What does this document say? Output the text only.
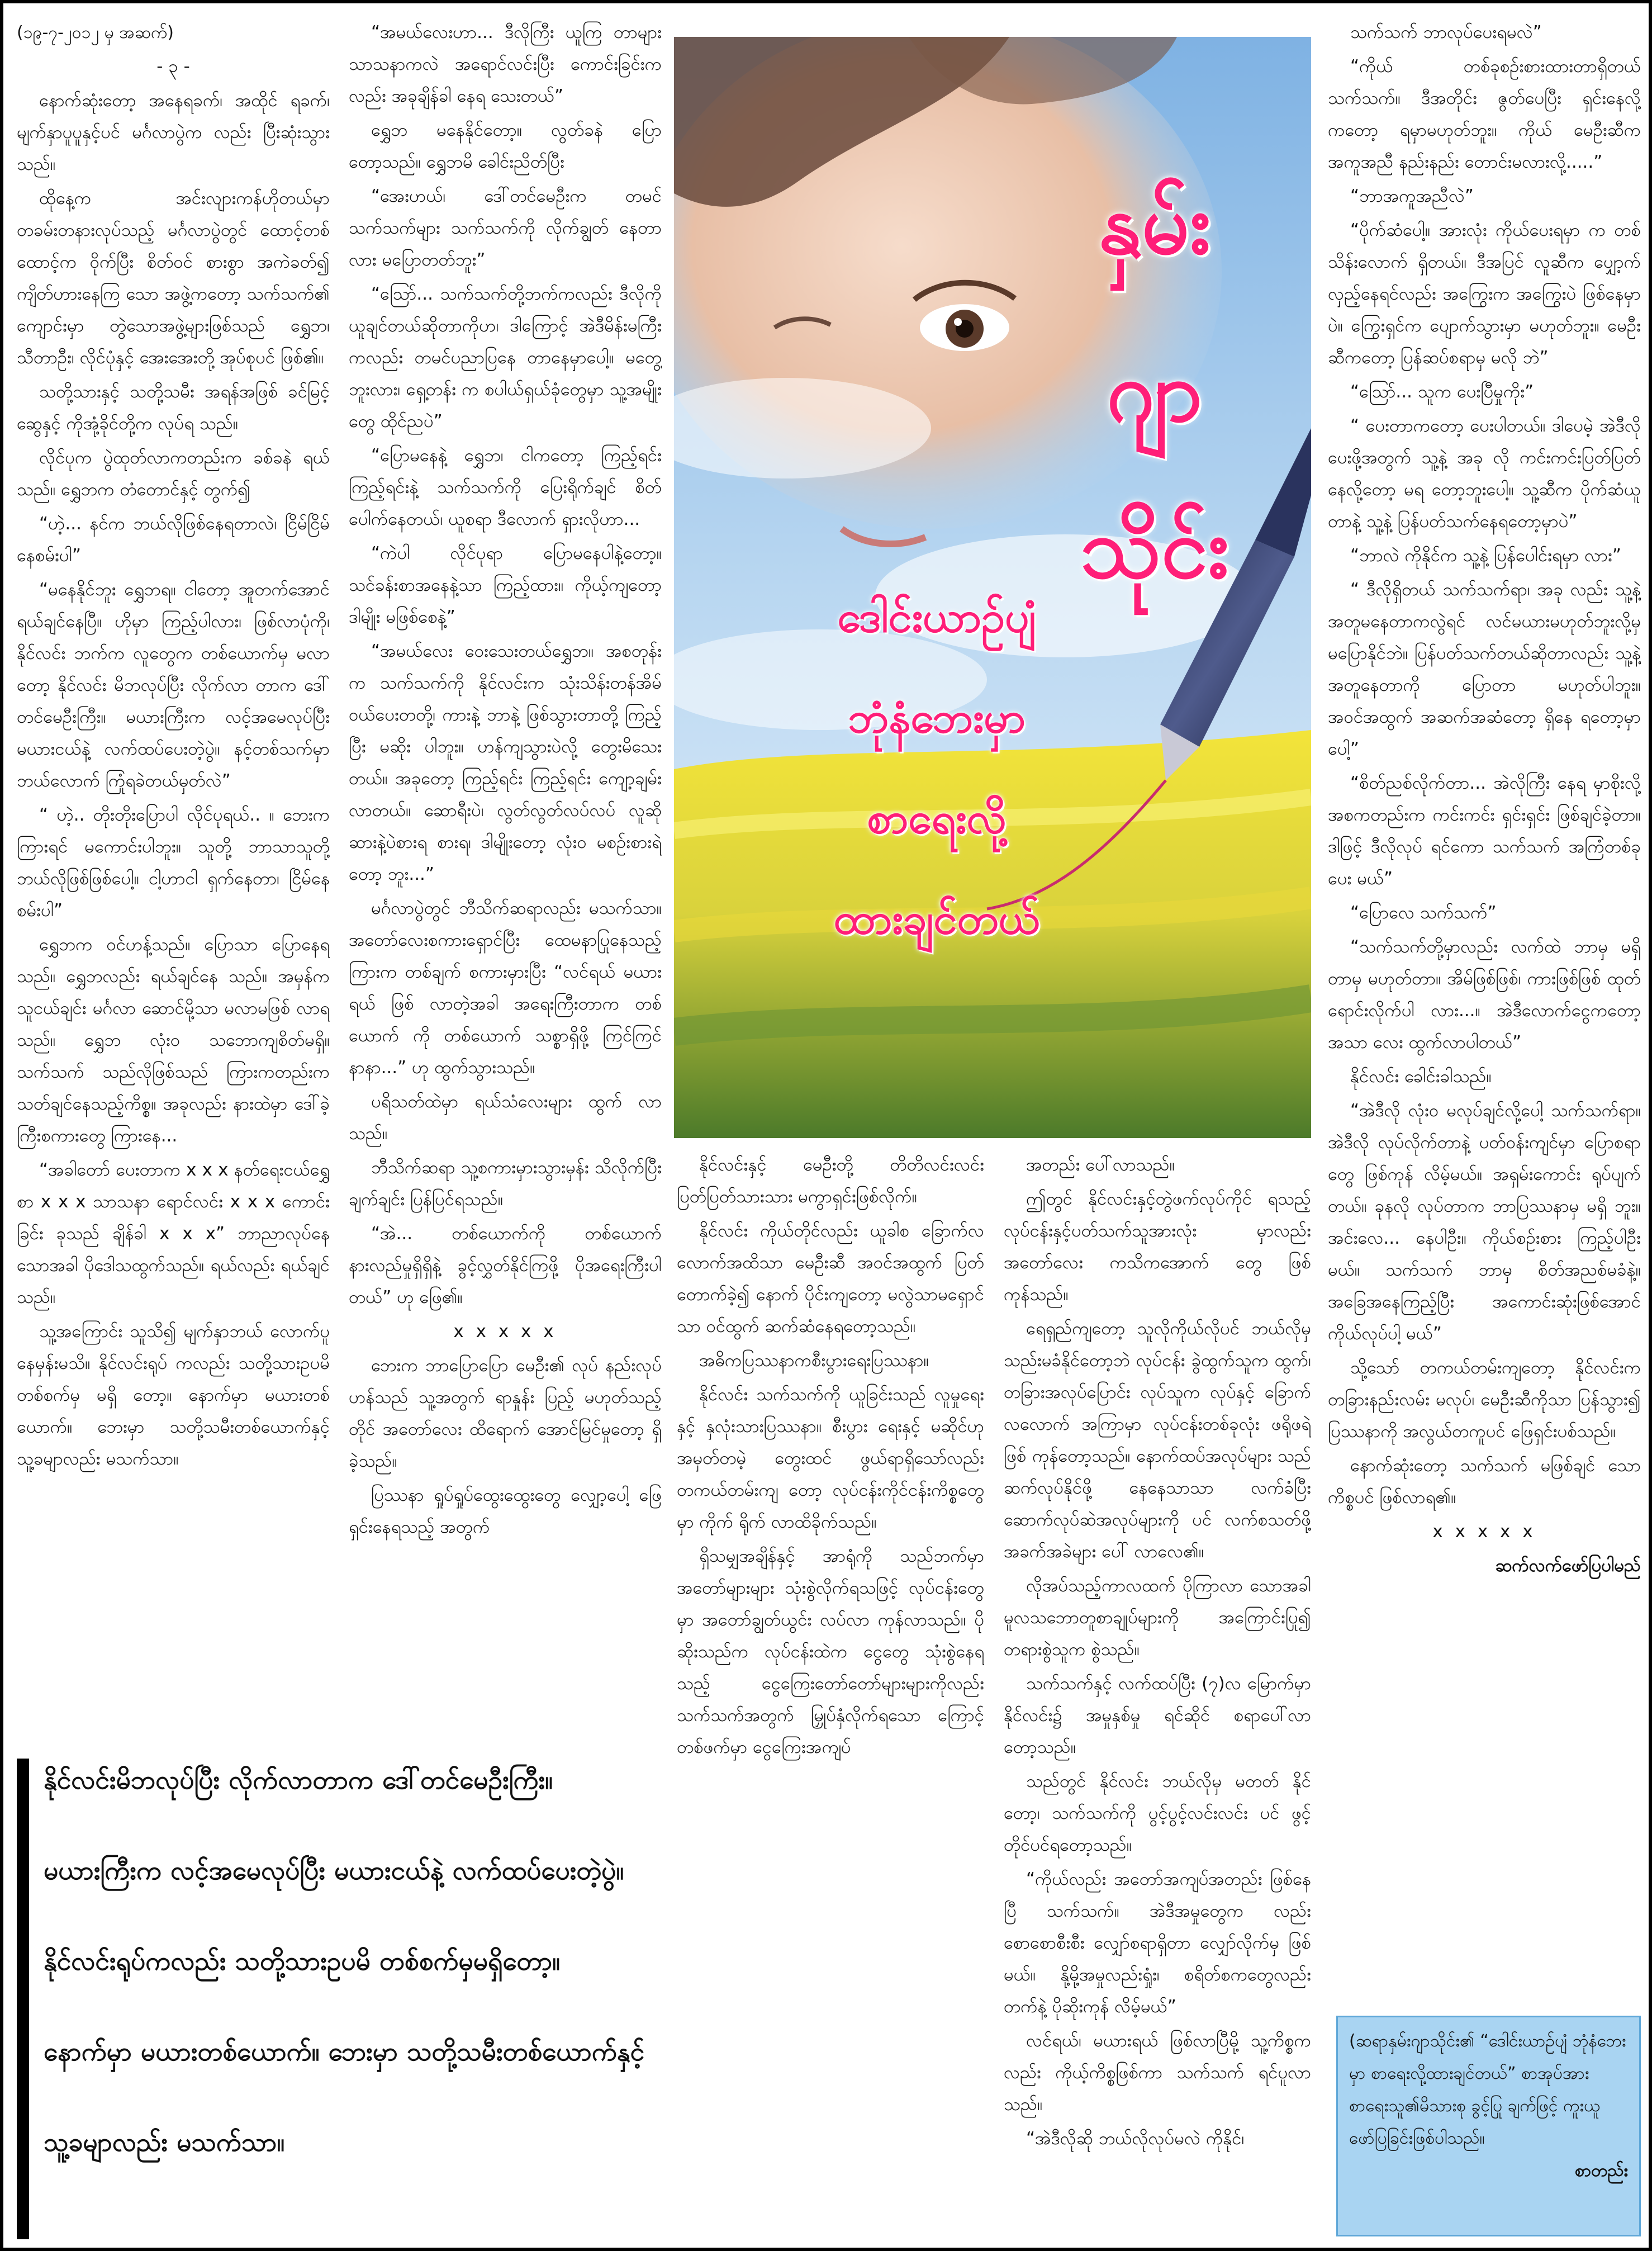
(၁၉-၇-၂၀၁၂ မှ အဆက်)

- ၃ -

နောက်ဆုံးတော့ အနေရခက်၊ အထိုင် ရခက်၊ မျက်နှာပူပူနှင့်ပင် မင်္ဂလာပွဲက လည်း ပြီးဆုံးသွားသည်။

ထိုနေ့က အင်းလျားကန်ဟိုတယ်မှာ တခမ်းတနားလုပ်သည့် မင်္ဂလာပွဲတွင် ထောင့်တစ်ထောင့်က ဝိုက်ပြီး စိတ်ဝင် စားစွာ အကဲခတ်၍ ကျိတ်ဟားနေကြ သော အဖွဲ့ကတော့ သက်သက်၏ ကျောင်းမှာ တွဲသောအဖွဲ့များဖြစ်သည် ရွှေဘ၊ သီတာဦး၊ လိုင်ပုံနှင့် အေးအေးတို့ အုပ်စုပင် ဖြစ်၏။

သတို့သားနှင့် သတို့သမီး အရန်အဖြစ် ခင်မြင့်ဆွေနှင့် ကိုအုံ့ခိုင်တို့က လုပ်ရ သည်။

လိုင်ပုက ပွဲထုတ်လာကတည်းက ခစ်ခနဲ ရယ်သည်။ ရွှေဘက တံတောင်နှင့် တွက်၍

“ဟဲ့... နင်က ဘယ်လိုဖြစ်နေရတာလဲ၊ ငြိမ်ငြိမ်နေစမ်းပါ”

“မနေနိုင်ဘူး ရွှေဘရ။ ငါတော့ အူတက်အောင် ရယ်ချင်နေပြီ။ ဟိုမှာ ကြည့်ပါလား၊ ဖြစ်လာပုံကို၊ နိုင်လင်း ဘက်က လူတွေက တစ်ယောက်မှ မလာ တော့ နိုင်လင်း မိဘလုပ်ပြီး လိုက်လာ တာက ဒေါ်တင်မေဦးကြီး။ မယားကြီးက လင့်အမေလုပ်ပြီး မယားငယ်နဲ့ လက်ထပ်ပေးတဲ့ပွဲ။ နင့်တစ်သက်မှာ ဘယ်လောက် ကြုံရခဲတယ်မှတ်လဲ”

“ ဟဲ့.. တိုးတိုးပြောပါ လိုင်ပုရယ်.. ။ ဘေးက ကြားရင် မကောင်းပါဘူး။ သူတို့ ဘာသာသူတို့ ဘယ်လိုဖြစ်ဖြစ်ပေါ့။ ငါ့ဟာငါ ရှက်နေတာ၊ ငြိမ်နေစမ်းပါ”

ရွှေဘက ဝင်ဟန့်သည်။ ပြောသာ ပြောနေရသည်။ ရွှေဘလည်း ရယ်ချင်နေ သည်။ အမှန်က သူငယ်ချင်း မင်္ဂလာ ဆောင်မို့သာ မလာမဖြစ် လာရသည်။ ရွှေဘ လုံးဝ သဘောကျစိတ်မရှိ။ သက်သက် သည်လိုဖြစ်သည် ကြားကတည်းက သတ်ချင်နေသည့်ကိစ္စ။ အခုလည်း နားထဲမှာ ဒေါ်ခဲ့ကြီးစကားတွေ ကြားနေ...

“အခါတော် ပေးတာက x x x နတ်ရေးငယ်ရွှေစာ x x x သာသနာ ရောင်လင်း x x x ကောင်းခြင်း ခုသည် ချိန်ခါ x x x” ဘာညာလုပ်နေသောအခါ ပိုဒေါသထွက်သည်။ ရယ်လည်း ရယ်ချင်သည်။

သူ့အကြောင်း သူသိ၍ မျက်နှာဘယ် လောက်ပူနေမှန်းမသိ။ နိုင်လင်းရုပ် ကလည်း သတို့သားဥပမိ တစ်စက်မှ မရှိ တော့။ နောက်မှာ မယားတစ်ယောက်။ ဘေးမှာ သတို့သမီးတစ်ယောက်နှင့် သူ့ခမျာလည်း မသက်သာ။

“အမယ်လေးဟာ... ဒီလိုကြီး ယူကြ တာများ သာသနာကလဲ အရောင်လင်းပြီး ကောင်းခြင်းကလည်း အခုချိန်ခါ နေရ သေးတယ်”

ရွှေဘ မနေနိုင်တော့။ လွတ်ခနဲ ပြော တော့သည်။ ရွှေဘမိ ခေါင်းညိတ်ပြီး

“အေးဟယ်၊ ဒေါ်တင်မေဦးက တမင် သက်သက်များ သက်သက်ကို လိုက်ချွတ် နေတာလား မပြောတတ်ဘူး”

“သြော်... သက်သက်တို့ဘက်ကလည်း ဒီလိုကို ယူချင်တယ်ဆိုတာကိုဟ၊ ဒါကြောင့် အဲဒီမိန်းမကြီးကလည်း တမင်ပညာပြနေ တာနေမှာပေါ့။ မတွေ့ဘူးလား၊ ရှေ့တန်း က စပါယ်ရှယ်ခုံတွေမှာ သူ့အမျိုးတွေ ထိုင်ညပဲ”

“ပြောမနေနဲ့ ရွှေဘ၊ ငါကတော့ ကြည့်ရင်း ကြည့်ရင်းနဲ့ သက်သက်ကို ပြေးရိုက်ချင် စိတ် ပေါက်နေတယ်၊ ယူစရာ ဒီလောက် ရှားလိုဟာ...

“ကဲပါ လိုင်ပုရာ ပြောမနေပါနဲ့တော့။ သင်ခန်းစာအနေနဲ့သာ ကြည့်ထား။ ကိုယ့်ကျတော့ ဒါမျိုး မဖြစ်စေနဲ့”

“အမယ်လေး ဝေးသေးတယ်ရွှေဘ။ အစတုန်းက သက်သက်ကို နိုင်လင်းက သုံးသိန်းတန်အိမ် ဝယ်ပေးတတို့၊ ကားနဲ့ ဘာနဲ့ ဖြစ်သွားတာတို့ ကြည့်ပြီး မဆိုး ပါဘူး။ ဟန်ကျသွားပဲလို့ တွေးမိသေး တယ်။ အခုတော့ ကြည့်ရင်း ကြည့်ရင်း ကျော့ချမ်းလာတယ်။ ဆောရီးပဲ၊ လွတ်လွတ်လပ်လပ် လူဆို ဆားနဲ့ပဲစားရ စားရ၊ ဒါမျိုးတော့ လုံးဝ မစဉ်းစားရဲတော့ ဘူး...”

မင်္ဂလာပွဲတွင် ဘီသိက်ဆရာလည်း မသက်သာ။ အတော်လေးစကားရှောင်ပြီး ထေမနာပြုနေသည့်ကြားက တစ်ချက် စကားမှားပြီး “လင်ရယ် မယားရယ် ဖြစ် လာတဲ့အခါ အရေးကြီးတာက တစ်ယောက် ကို တစ်ယောက် သစ္စာရှိဖို့ ကြင်ကြင် နာနာ...” ဟု ထွက်သွားသည်။

ပရိသတ်ထဲမှာ ရယ်သံလေးများ ထွက် လာသည်။

ဘီသိက်ဆရာ သူ့စကားမှားသွားမှန်း သိလိုက်ပြီး ချက်ချင်း ပြန်ပြင်ရသည်။

“အဲ... တစ်ယောက်ကို တစ်ယောက် နားလည်မှုရှိရှိနဲ့ ခွင့်လွှတ်နိုင်ကြဖို့ ပိုအရေးကြီးပါတယ်” ဟု ဖြေ၏။

x x x x x

ဘေးက ဘာပြောပြော မေဦး၏ လုပ် နည်းလုပ်ဟန်သည် သူ့အတွက် ရာနှုန်း ပြည့် မဟုတ်သည့်တိုင် အတော်လေး ထိရောက် အောင်မြင်မှုတော့ ရှိခဲ့သည်။

ပြဿနာ ရှုပ်ရှုပ်ထွေးထွေးတွေ လျှော့ပေါ့ ဖြေရှင်းနေရသည့် အတွက်

နှမ်း
ဂျာ
သိုင်း
ဒေါင်းယာဉ်ပျံ
ဘုံနံဘေးမှာ
စာရေးလို့
ထားချင်တယ်

နိုင်လင်းနှင့် မေဦးတို့ တိတိလင်းလင်း ပြတ်ပြတ်သားသား မကွာရှင်းဖြစ်လိုက်။

နိုင်လင်း ကိုယ်တိုင်လည်း ယူခါစ ခြောက်လလောက်အထိသာ မေဦးဆီ အဝင်အထွက် ပြတ်တောက်ခဲ့၍ နောက် ပိုင်းကျတော့ မလွဲသာမရှောင်သာ ဝင်ထွက် ဆက်ဆံနေရတော့သည်။

အဓိကပြဿနာကစီးပွားရေးပြဿနာ။

နိုင်လင်း သက်သက်ကို ယူခြင်းသည် လူမှုရေးနှင့် နှလုံးသားပြဿနာ။ စီးပွား ရေးနှင့် မဆိုင်ဟု အမှတ်တမဲ့ တွေးထင် ဖွယ်ရာရှိသော်လည်း တကယ်တမ်းကျ တော့ လုပ်ငန်းကိုင်ငန်းကိစ္စတွေမှာ ကိုက် ရိုက် လာထိခိုက်သည်။

ရှိသမျှအချိန်နှင့် အာရုံကို သည်ဘက်မှာ အတော်များများ သုံးစွဲလိုက်ရသဖြင့် လုပ်ငန်းတွေမှာ အတော်ချွတ်ယွင်း လပ်လာ ကုန်လာသည်။ ပိုဆိုးသည်က လုပ်ငန်းထဲက ငွေတွေ သုံးစွဲနေရသည့် ငွေကြေးတော်တော်များများကိုလည်း သက်သက်အတွက် မြှုပ်နှံလိုက်ရသော ကြောင့် တစ်ဖက်မှာ ငွေကြေးအကျပ်

အတည်း ပေါ်လာသည်။

ဤတွင် နိုင်လင်းနှင့်တွဲဖက်လုပ်ကိုင် ရသည့် လုပ်ငန်းနှင့်ပတ်သက်သူအားလုံး မှာလည်း အတော်လေး ကသိကအောက် တွေ ဖြစ်ကုန်သည်။

ရေရှည်ကျတော့ သူလိုကိုယ်လိုပင် ဘယ်လိုမှ သည်းမခံနိုင်တော့ဘဲ လုပ်ငန်း ခွဲထွက်သူက ထွက်၊ တခြားအလုပ်ပြောင်း လုပ်သူက လုပ်နှင့် ခြောက်လလောက် အကြာမှာ လုပ်ငန်းတစ်ခုလုံး ဖရိုဖရဲ ဖြစ် ကုန်တော့သည်။ နောက်ထပ်အလုပ်များ သည် ဆက်လုပ်နိုင်ဖို့ နေနေသာသာ လက်ခံပြီး ဆောက်လုပ်ဆဲအလုပ်များကို ပင် လက်စသတ်ဖို့ အခက်အခဲများ ပေါ် လာလေ၏။

လိုအပ်သည့်ကာလထက် ပိုကြာလာ သောအခါ မူလသဘောတူစာချုပ်များကို အကြောင်းပြု၍ တရားစွဲသူက စွဲသည်။

သက်သက်နှင့် လက်ထပ်ပြီး (၇)လ မြောက်မှာ နိုင်လင်း၌ အမှုနှစ်မှု ရင်ဆိုင် စရာပေါ်လာတော့သည်။

သည်တွင် နိုင်လင်း ဘယ်လိုမှ မတတ် နိုင်တော့၊ သက်သက်ကို ပွင့်ပွင့်လင်းလင်း ပင် ဖွင့်တိုင်ပင်ရတော့သည်။

“ကိုယ်လည်း အတော်အကျပ်အတည်း ဖြစ်နေပြီ သက်သက်။ အဲဒီအမှုတွေက လည်း စောစောစီးစီး လျှော်စရာရှိတာ လျှော်လိုက်မှ ဖြစ်မယ်။ နို့မို့အမှုလည်းရှုံး၊ စရိတ်စကတွေလည်း တက်နဲ့ ပိုဆိုးကုန် လိမ့်မယ်”

လင်ရယ်၊ မယားရယ် ဖြစ်လာပြီမို့ သူ့ကိစ္စကလည်း ကိုယ့်ကိစ္စဖြစ်ကာ သက်သက် ရင်ပူလာသည်။

“အဲဒီလိုဆို ဘယ်လိုလုပ်မလဲ ကိုနိုင်၊

သက်သက် ဘာလုပ်ပေးရမလဲ”

“ကိုယ် တစ်ခုစဉ်းစားထားတာရှိတယ် သက်သက်။ ဒီအတိုင်း ဇွတ်ပေပြီး ရှင်းနေလို့ကတော့ ရမှာမဟုတ်ဘူး။ ကိုယ် မေဦးဆီက အကူအညီ နည်းနည်း တောင်းမလားလို့.....”

“ဘာအကူအညီလဲ”

“ပိုက်ဆံပေါ့။ အားလုံး ကိုယ်ပေးရမှာ က တစ်သိန်းလောက် ရှိတယ်။ ဒီအပြင် လူဆီက ပျှော့က်လှည့်နေရင်လည်း အကြွေးက အကြွေးပဲ ဖြစ်နေမှာပဲ။ ကြွေးရှင်က ပျောက်သွားမှာ မဟုတ်ဘူး။ မေဦးဆီကတော့ ပြန်ဆပ်စရာမှ မလို ဘဲ”

“သြော်... သူက ပေးပြီမှုကိုး”

“ ပေးတာကတော့ ပေးပါတယ်။ ဒါပေမဲ့ အဲဒီလိုပေးဖို့အတွက် သူ့နဲ့ အခု လို ကင်းကင်းပြတ်ပြတ် နေလို့တော့ မရ တော့ဘူးပေါ့။ သူ့ဆီက ပိုက်ဆံယူတာနဲ့ သူ့နဲ့ ပြန်ပတ်သက်နေရတော့မှာပဲ”

“ဘာလဲ ကိုနိုင်က သူ့နဲ့ ပြန်ပေါင်းရမှာ လား”

“ ဒီလိုရှိတယ် သက်သက်ရာ၊ အခု လည်း သူ့နဲ့ အတူမနေတာကလွဲရင် လင်မယားမဟုတ်ဘူးလို့မှ မပြောနိုင်ဘဲ။ ပြန်ပတ်သက်တယ်ဆိုတာလည်း သူ့နဲ့ အတူနေတာကို ပြောတာ မဟုတ်ပါဘူး။ အဝင်အထွက် အဆက်အဆံတော့ ရှိနေ ရတော့မှာပေါ့”

“စိတ်ညစ်လိုက်တာ... အဲလိုကြီး နေရ မှာစိုးလို့ အစကတည်းက ကင်းကင်း ရှင်းရှင်း ဖြစ်ချင်ခဲ့တာ။ ဒါဖြင့် ဒီလိုလုပ် ရင်ကော သက်သက် အကြံတစ်ခု ပေး မယ်”

“ပြောလေ သက်သက်”

“သက်သက်တို့မှာလည်း လက်ထဲ ဘာမှ မရှိတာမှ မဟုတ်တာ။ အိမ်ဖြစ်ဖြစ်၊ ကားဖြစ်ဖြစ် ထုတ်ရောင်းလိုက်ပါ လား...။ အဲဒီလောက်ငွေကတော့ အသာ လေး ထွက်လာပါတယ်”

နိုင်လင်း ခေါင်းခါသည်။

“အဲဒီလို လုံးဝ မလုပ်ချင်လို့ပေါ့ သက်သက်ရာ။ အဲဒီလို လုပ်လိုက်တာနဲ့ ပတ်ဝန်းကျင်မှာ ပြောစရာတွေ ဖြစ်ကုန် လိမ့်မယ်။ အရှမ်းကောင်း ရုပ်ပျက်တယ်။ ခုနလို လုပ်တာက ဘာပြဿနာမှ မရှိ ဘူး။ အင်းလေ... နေပါဦး။ ကိုယ်စဉ်းစား ကြည့်ပါဦးမယ်။ သက်သက် ဘာမှ စိတ်အညစ်မခံနဲ့။ အခြေအနေကြည့်ပြီး အကောင်းဆုံးဖြစ်အောင် ကိုယ်လုပ်ပါ့ မယ်”

သို့သော် တကယ်တမ်းကျတော့ နိုင်လင်းက တခြားနည်းလမ်း မလုပ်၊ မေဦးဆီကိုသာ ပြန်သွား၍ ပြဿနာကို အလွယ်တကူပင် ဖြေရှင်းပစ်သည်။

နောက်ဆုံးတော့ သက်သက် မဖြစ်ချင် သောကိစ္စပင် ဖြစ်လာရ၏။

x x x x x

ဆက်လက်ဖော်ပြပါမည်

နိုင်လင်းမိဘလုပ်ပြီး လိုက်လာတာက ဒေါ်တင်မေဦးကြီး။

မယားကြီးက လင့်အမေလုပ်ပြီး မယားငယ်နဲ့ လက်ထပ်ပေးတဲ့ပွဲ။

နိုင်လင်းရုပ်ကလည်း သတို့သားဥပမိ တစ်စက်မှမရှိတော့။

နောက်မှာ မယားတစ်ယောက်။ ဘေးမှာ သတို့သမီးတစ်ယောက်နှင့်

သူ့ခမျာလည်း မသက်သာ။

(ဆရာနှမ်းဂျာသိုင်း၏ “ဒေါင်းယာဉ်ပျံ ဘုံနံဘေးမှာ စာရေးလို့ထားချင်တယ်” စာအုပ်အား စာရေးသူ၏မိသားစု ခွင့်ပြု ချက်ဖြင့် ကူးယူဖော်ပြခြင်းဖြစ်ပါသည်။
စာတည်း
